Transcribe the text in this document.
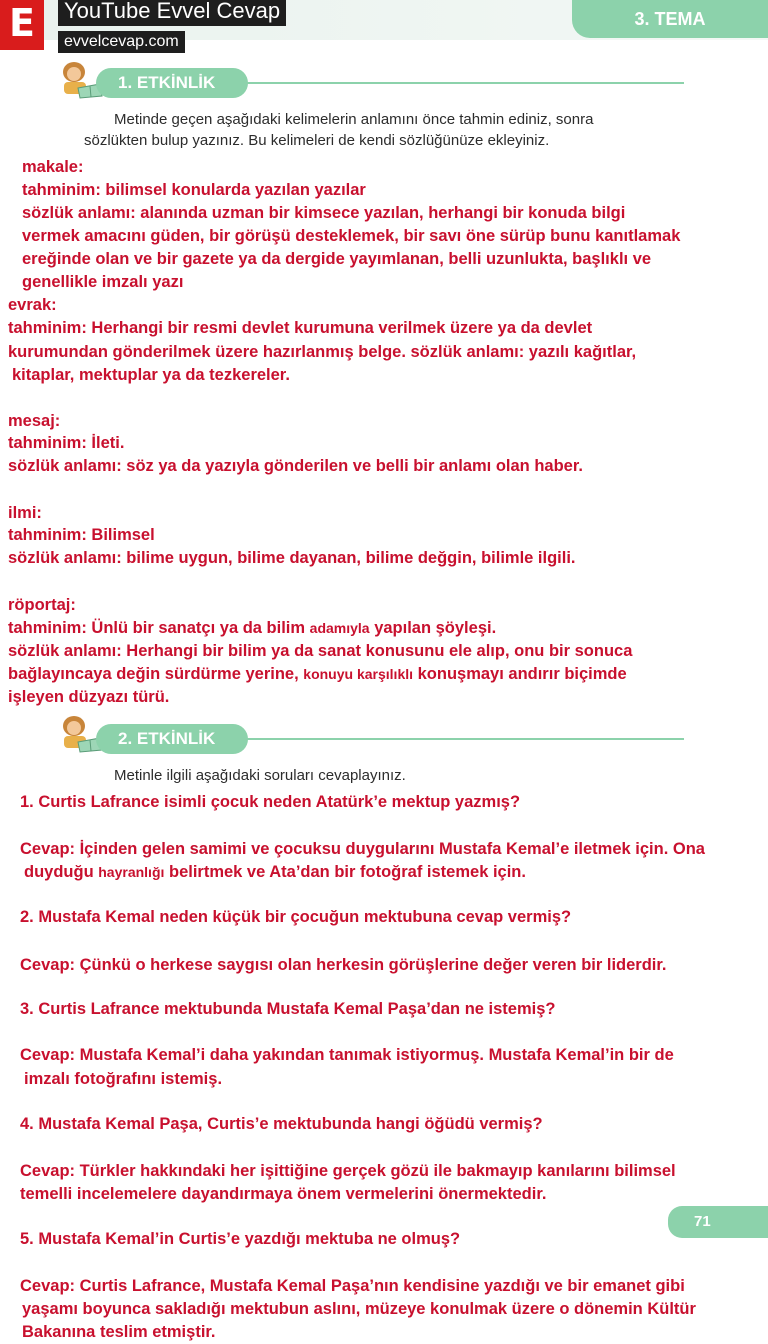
3. TEMA
E	YouTube Evvel Cevap
evvelcevap.com
1. ETKİNLİK
Metinde geçen aşağıdaki kelimelerin anlamını önce tahmin ediniz, sonra
sözlükten bulup yazınız. Bu kelimeleri de kendi sözlüğünüze ekleyiniz.
makale:
tahminim: bilimsel konularda yazılan yazılar
sözlük anlamı: alanında uzman bir kimsece yazılan, herhangi bir konuda bilgi
vermek amacını güden, bir görüşü desteklemek, bir savı öne sürüp bunu kanıtlamak
ereğinde olan ve bir gazete ya da dergide yayımlanan, belli uzunlukta, başlıklı ve
genellikle imzalı yazı
evrak:
tahminim: Herhangi bir resmi devlet kurumuna verilmek üzere ya da devlet
kurumundan gönderilmek üzere hazırlanmış belge. sözlük anlamı: yazılı kağıtlar,
kitaplar, mektuplar ya da tezkereler.
mesaj:
tahminim: İleti.
sözlük anlamı: söz ya da yazıyla gönderilen ve belli bir anlamı olan haber.
ilmi:
tahminim: Bilimsel
sözlük anlamı: bilime uygun, bilime dayanan, bilime değgin, bilimle ilgili.
röportaj:
tahminim: Ünlü bir sanatçı ya da bilim adamıyla yapılan şöyleşi.
sözlük anlamı: Herhangi bir bilim ya da sanat konusunu ele alıp, onu bir sonuca
bağlayıncaya değin sürdürme yerine, konuyu karşılıklı konuşmayı andırır biçimde
işleyen düzyazı türü.
2. ETKİNLİK
Metinle ilgili aşağıdaki soruları cevaplayınız.
1. Curtis Lafrance isimli çocuk neden Atatürk’e mektup yazmış?
Cevap: İçinden gelen samimi ve çocuksu duygularını Mustafa Kemal’e iletmek için. Ona
duyduğu hayranlığı belirtmek ve Ata’dan bir fotoğraf istemek için.
2. Mustafa Kemal neden küçük bir çocuğun mektubuna cevap vermiş?
Cevap: Çünkü o herkese saygısı olan herkesin görüşlerine değer veren bir liderdir.
3. Curtis Lafrance mektubunda Mustafa Kemal Paşa’dan ne istemiş?
Cevap: Mustafa Kemal’i daha yakından tanımak istiyormuş. Mustafa Kemal’in bir de
imzalı fotoğrafını istemiş.
4. Mustafa Kemal Paşa, Curtis’e mektubunda hangi öğüdü vermiş?
Cevap: Türkler hakkındaki her işittiğine gerçek gözü ile bakmayıp kanılarını bilimsel
temelli incelemelere dayandırmaya önem vermelerini önermektedir.
71
5. Mustafa Kemal’in Curtis’e yazdığı mektuba ne olmuş?
Cevap: Curtis Lafrance, Mustafa Kemal Paşa’nın kendisine yazdığı ve bir emanet gibi
yaşamı boyunca sakladığı mektubun aslını, müzeye konulmak üzere o dönemin Kültür
Bakanına teslim etmiştir.
